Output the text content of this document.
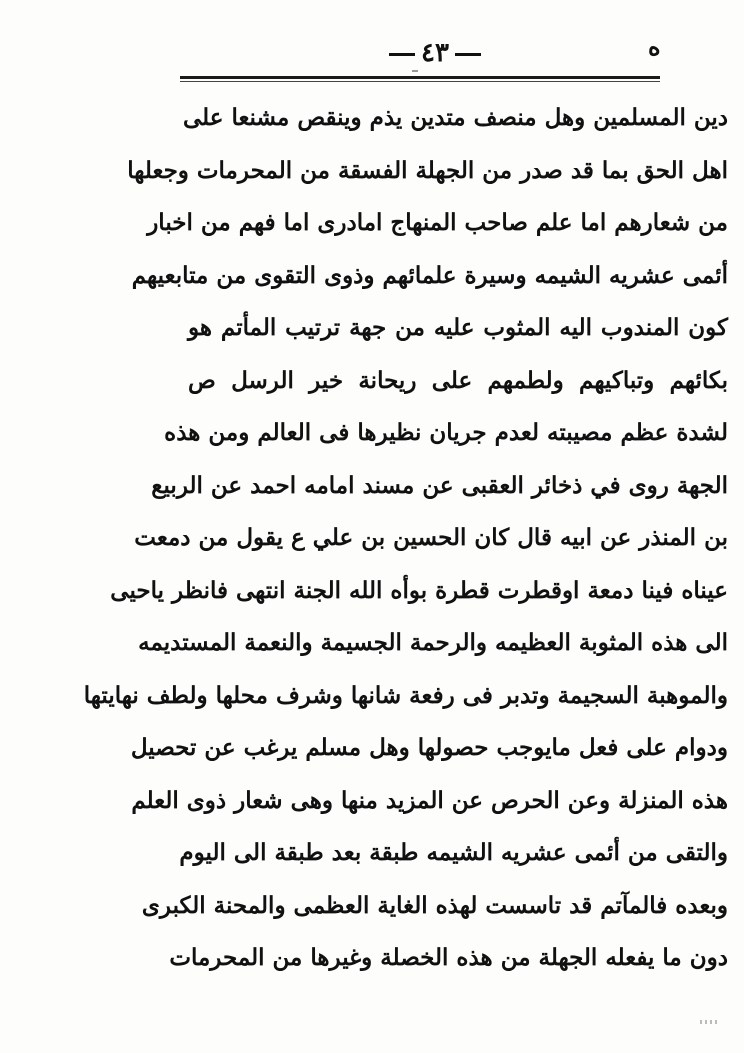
٤٣	ه
دين المسلمين وهل منصف متدين يذم وينقص مشنعا على
اهل الحق بما قد صدر من الجهلة الفسقة من المحرمات وجعلها
من شعارهم اما علم صاحب المنهاج امادرى اما فهم من اخبار
أئمى عشريه الشيمه وسيرة علمائهم وذوى التقوى من متابعيهم
كون المندوب اليه المثوب عليه من جهة ترتيب المأتم هو
بكائهم وتباكيهم ولطمهم على ريحانة خير الرسل ص
لشدة عظم مصيبته لعدم جريان نظيرها فى العالم ومن هذه
الجهة روى في ذخائر العقبى عن مسند امامه احمد عن الربيع
بن المنذر عن ابيه قال كان الحسين بن علي ع يقول من دمعت
عيناه فينا دمعة اوقطرت قطرة بوأه الله الجنة انتهى فانظر ياحيى
الى هذه المثوبة العظيمه والرحمة الجسيمة والنعمة المستديمه
والموهبة السجيمة وتدبر فى رفعة شانها وشرف محلها ولطف نهايتها
ودوام على فعل مايوجب حصولها وهل مسلم يرغب عن تحصيل
هذه المنزلة وعن الحرص عن المزيد منها وهى شعار ذوى العلم
والتقى من أئمى عشريه الشيمه طبقة بعد طبقة الى اليوم
وبعده فالمآتم قد تاسست لهذه الغاية العظمى والمحنة الكبرى
دون ما يفعله الجهلة من هذه الخصلة وغيرها من المحرمات
